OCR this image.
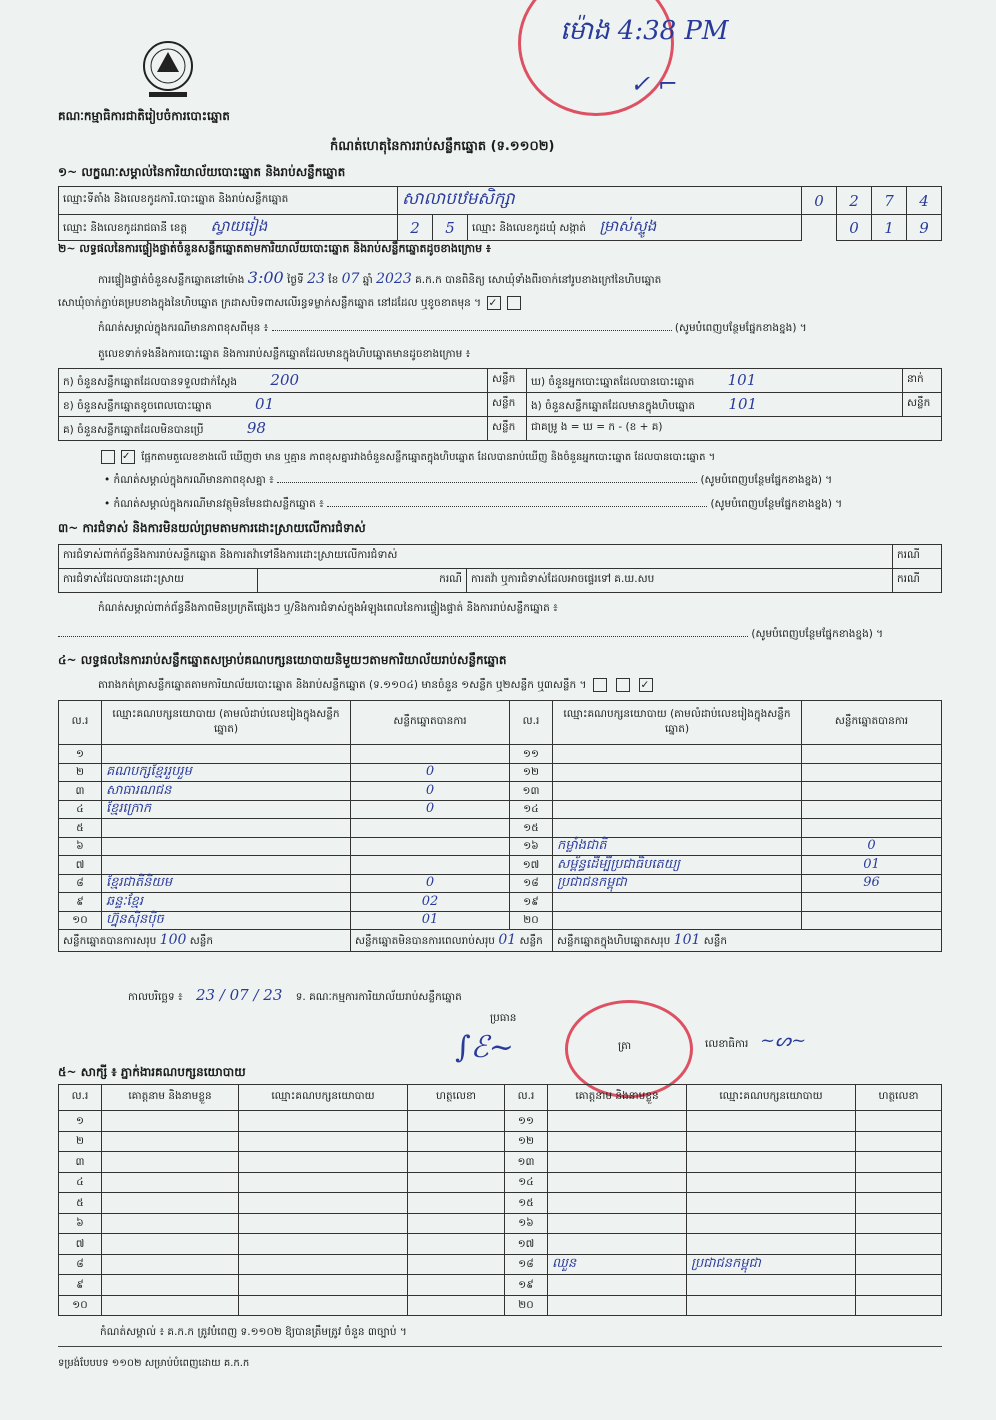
គណៈកម្មាធិការជាតិរៀបចំការបោះឆ្នោត
ម៉ោង 4:38 PM
✓ ⌐
កំណត់ហេតុនៃការរាប់សន្លឹកឆ្នោត (ទ.១១០២)
១~ លក្ខណៈសម្គាល់នៃការិយាល័យបោះឆ្នោត និងរាប់សន្លឹកឆ្នោត
ឈ្មោះទីតាំង និងលេខកូដការិ.បោះឆ្នោត និងរាប់សន្លឹកឆ្នោត	សាលាបឋមសិក្សា			0	2	7	4
ឈ្មោះ និងលេខកូដរាជធានី ខេត្ត ស្វាយរៀង	2	5	ឈ្មោះ និងលេខកូដឃុំ សង្កាត់ ម្រាស់ស្ទូង		0	1	9
២~ លទ្ធផលនៃការផ្ទៀងផ្ទាត់ចំនួនសន្លឹកឆ្នោតតាមការិយាល័យបោះឆ្នោត និងរាប់សន្លឹកឆ្នោតដូចខាងក្រោម ៖
ការផ្ទៀងផ្ទាត់ចំនួនសន្លឹកឆ្នោតនៅម៉ោង 3:00 ថ្ងៃទី 23 ខែ 07 ឆ្នាំ 2023 គ.ក.ក បានពិនិត្យ សោឃុំទាំងពីរចាក់នៅរូបខាងក្រៅនៃហិបឆ្នោត
សោឃុំចាក់ភ្ជាប់គម្របខាងក្នុងនៃហិបឆ្នោត ក្រដាសបិទពាសលើរន្ធទម្លាក់សន្លឹកឆ្នោត នៅដដែល ឬខូចខាតមុន ។ ✓
កំណត់សម្គាល់ក្នុងករណីមានភាពខុសពីមុន ៖	(សូមបំពេញបន្ថែមផ្នែកខាងខ្នង) ។
តួលេខទាក់ទងនឹងការបោះឆ្នោត និងការរាប់សន្លឹកឆ្នោតដែលមានក្នុងហិបឆ្នោតមានដូចខាងក្រោម ៖
ក) ចំនួនសន្លឹកឆ្នោតដែលបានទទួលជាក់ស្តែង 200	សន្លឹក	ឃ) ចំនួនអ្នកបោះឆ្នោតដែលបានបោះឆ្នោត 101	នាក់
ខ) ចំនួនសន្លឹកឆ្នោតខូចពេលបោះឆ្នោត 01	សន្លឹក	ង) ចំនួនសន្លឹកឆ្នោតដែលមានក្នុងហិបឆ្នោត 101	សន្លឹក
គ) ចំនួនសន្លឹកឆ្នោតដែលមិនបានប្រើ 98	សន្លឹក	ជាគម្រូ ង = ឃ = ក - (ខ + គ)	
✓ ផ្អែកតាមតួលេខខាងលើ ឃើញថា មាន ឬគ្មាន ភាពខុសគ្នារវាងចំនួនសន្លឹកឆ្នោតក្នុងហិបឆ្នោត ដែលបានរាប់ឃើញ និងចំនួនអ្នកបោះឆ្នោត ដែលបានបោះឆ្នោត ។
• កំណត់សម្គាល់ក្នុងករណីមានភាពខុសគ្នា ៖	(សូមបំពេញបន្ថែមផ្នែកខាងខ្នង) ។
• កំណត់សម្គាល់ក្នុងករណីមានវត្ថុមិនមែនជាសន្លឹកឆ្នោត ៖	(សូមបំពេញបន្ថែមផ្នែកខាងខ្នង) ។
៣~ ការជំទាស់ និងការមិនយល់ព្រមតាមការដោះស្រាយលើការជំទាស់
ការជំទាស់ពាក់ព័ន្ធនឹងការរាប់សន្លឹកឆ្នោត និងការតវ៉ាទៅនឹងការដោះស្រាយលើការជំទាស់			ករណី
ការជំទាស់ដែលបានដោះស្រាយ	ករណី	ការតវ៉ា ឬការជំទាស់ដែលអាចផ្ទេរទៅ គ.ឃ.សប	ករណី
កំណត់សម្គាល់ពាក់ព័ន្ធនឹងភាពមិនប្រក្រតីផ្សេងៗ ឬ/និងការជំទាស់ក្នុងអំឡុងពេលនៃការផ្ទៀងផ្ទាត់ និងការរាប់សន្លឹកឆ្នោត ៖
(សូមបំពេញបន្ថែមផ្នែកខាងខ្នង) ។
៤~ លទ្ធផលនៃការរាប់សន្លឹកឆ្នោតសម្រាប់គណបក្សនយោបាយនិមួយៗតាមការិយាល័យរាប់សន្លឹកឆ្នោត
តារាងកត់ត្រាសន្លឹកឆ្នោតតាមការិយាល័យបោះឆ្នោត និងរាប់សន្លឹកឆ្នោត (ទ.១១០៤) មានចំនួន ១សន្លឹក ឬ២សន្លឹក ឬ៣សន្លឹក ។	✓
ល.រ	ឈ្មោះគណបក្សនយោបាយ (តាមលំដាប់លេខរៀងក្នុងសន្លឹកឆ្នោត)	សន្លឹកឆ្នោតបានការ	ល.រ	ឈ្មោះគណបក្សនយោបាយ (តាមលំដាប់លេខរៀងក្នុងសន្លឹកឆ្នោត)	សន្លឹកឆ្នោតបានការ
១			១១		
២	គណបក្សខ្មែររួបរួម	0	១២		
៣	សាធារណជន	0	១៣		
៤	ខ្មែរក្រោក	0	១៤		
៥			១៥		
៦			១៦	កម្លាំងជាតិ	0
៧			១៧	សម្ព័ន្ធដើម្បីប្រជាធិបតេយ្យ	01
៨	ខ្មែរជាតិនិយម	0	១៨	ប្រជាជនកម្ពុជា	96
៩	ឆន្ទៈខ្មែរ	02	១៩		
១០	ហ្វ៊ុនស៊ិនប៉ិច	01	២០		
សន្លឹកឆ្នោតបានការសរុប 100 សន្លឹក		សន្លឹកឆ្នោតមិនបានការពេលរាប់សរុប 01 សន្លឹក		សន្លឹកឆ្នោតក្នុងហិបឆ្នោតសរុប 101 សន្លឹក	
កាលបរិច្ឆេទ ៖ 23 / 07 / 23 ទ. គណៈកម្មការការិយាល័យរាប់សន្លឹកឆ្នោត
ប្រធាន
∫ℰ~	ត្រា	លេខាធិការ ~ᔕ~
៥~ សាក្សី ៖ ភ្នាក់ងារគណបក្សនយោបាយ
ល.រ	គោត្តនាម និងនាមខ្លួន	ឈ្មោះគណបក្សនយោបាយ	ហត្ថលេខា	ល.រ	គោត្តនាម និងនាមខ្លួន	ឈ្មោះគណបក្សនយោបាយ	ហត្ថលេខា
១				១១			
២				១២			
៣				១៣			
៤				១៤			
៥				១៥			
៦				១៦			
៧				១៧			
៨				១៨	ឈួន	ប្រជាជនកម្ពុជា	
៩				១៩			
១០				២០			
កំណត់សម្គាល់ ៖ គ.ក.ក ត្រូវបំពេញ ទ.១១០២ ឱ្យបានត្រឹមត្រូវ ចំនួន ៣ច្បាប់ ។
ទម្រង់បែបបទ ១១០២ សម្រាប់បំពេញដោយ គ.ក.ក
